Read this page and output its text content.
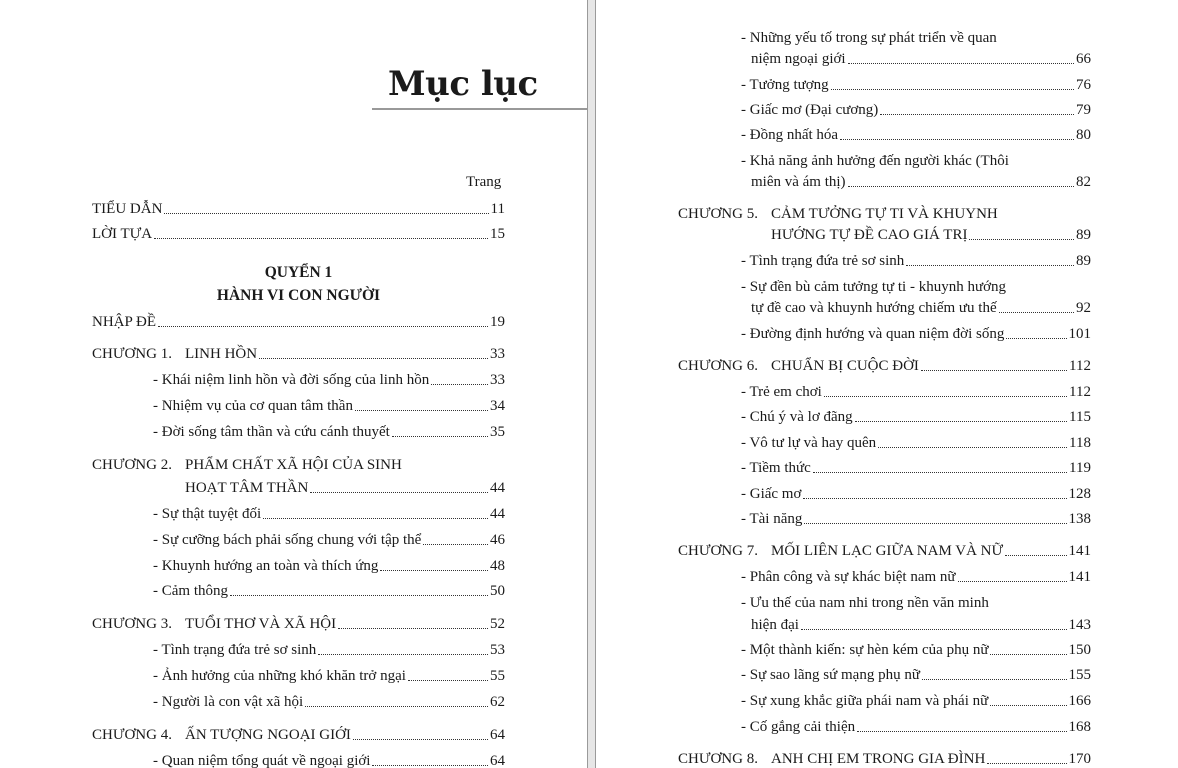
Mục lục
Trang
QUYỂN 1
HÀNH VI CON NGƯỜI
TIỂU DẪN	11
LỜI TỰA	15
NHẬP ĐỀ	19
CHƯƠNG 1. LINH HỒN	33
- Khái niệm linh hồn và đời sống của linh hồn	33
- Nhiệm vụ của cơ quan tâm thần	34
- Đời sống tâm thần và cứu cánh thuyết	35
CHƯƠNG 2. PHẨM CHẤT XÃ HỘI CỦA SINH
HOẠT TÂM THẦN	44
- Sự thật tuyệt đối	44
- Sự cưỡng bách phải sống chung với tập thể	46
- Khuynh hướng an toàn và thích ứng	48
- Cảm thông	50
CHƯƠNG 3. TUỔI THƠ VÀ XÃ HỘI	52
- Tình trạng đứa trẻ sơ sinh	53
- Ảnh hưởng của những khó khăn trở ngại	55
- Người là con vật xã hội	62
CHƯƠNG 4. ẤN TƯỢNG NGOẠI GIỚI	64
- Quan niệm tổng quát về ngoại giới	64
- Những yếu tố trong sự phát triển về quan
niệm ngoại giới	66
- Tưởng tượng	76
- Giấc mơ (Đại cương)	79
- Đồng nhất hóa	80
- Khả năng ảnh hưởng đến người khác (Thôi
miên và ám thị)	82
CHƯƠNG 5. CẢM TƯỞNG TỰ TI VÀ KHUYNH
HƯỚNG TỰ ĐỀ CAO GIÁ TRỊ	89
- Tình trạng đứa trẻ sơ sinh	89
- Sự đền bù cảm tưởng tự ti - khuynh hướng
tự đề cao và khuynh hướng chiếm ưu thế	92
- Đường định hướng và quan niệm đời sống	101
CHƯƠNG 6. CHUẨN BỊ CUỘC ĐỜI	112
- Trẻ em chơi	112
- Chú ý và lơ đãng	115
- Vô tư lự và hay quên	118
- Tiềm thức	119
- Giấc mơ	128
- Tài năng	138
CHƯƠNG 7. MỐI LIÊN LẠC GIỮA NAM VÀ NỮ	141
- Phân công và sự khác biệt nam nữ	141
- Ưu thế của nam nhi trong nền văn minh
hiện đại	143
- Một thành kiến: sự hèn kém của phụ nữ	150
- Sự sao lãng sứ mạng phụ nữ	155
- Sự xung khắc giữa phái nam và phái nữ	166
- Cố gắng cải thiện	168
CHƯƠNG 8. ANH CHỊ EM TRONG GIA ĐÌNH	170
